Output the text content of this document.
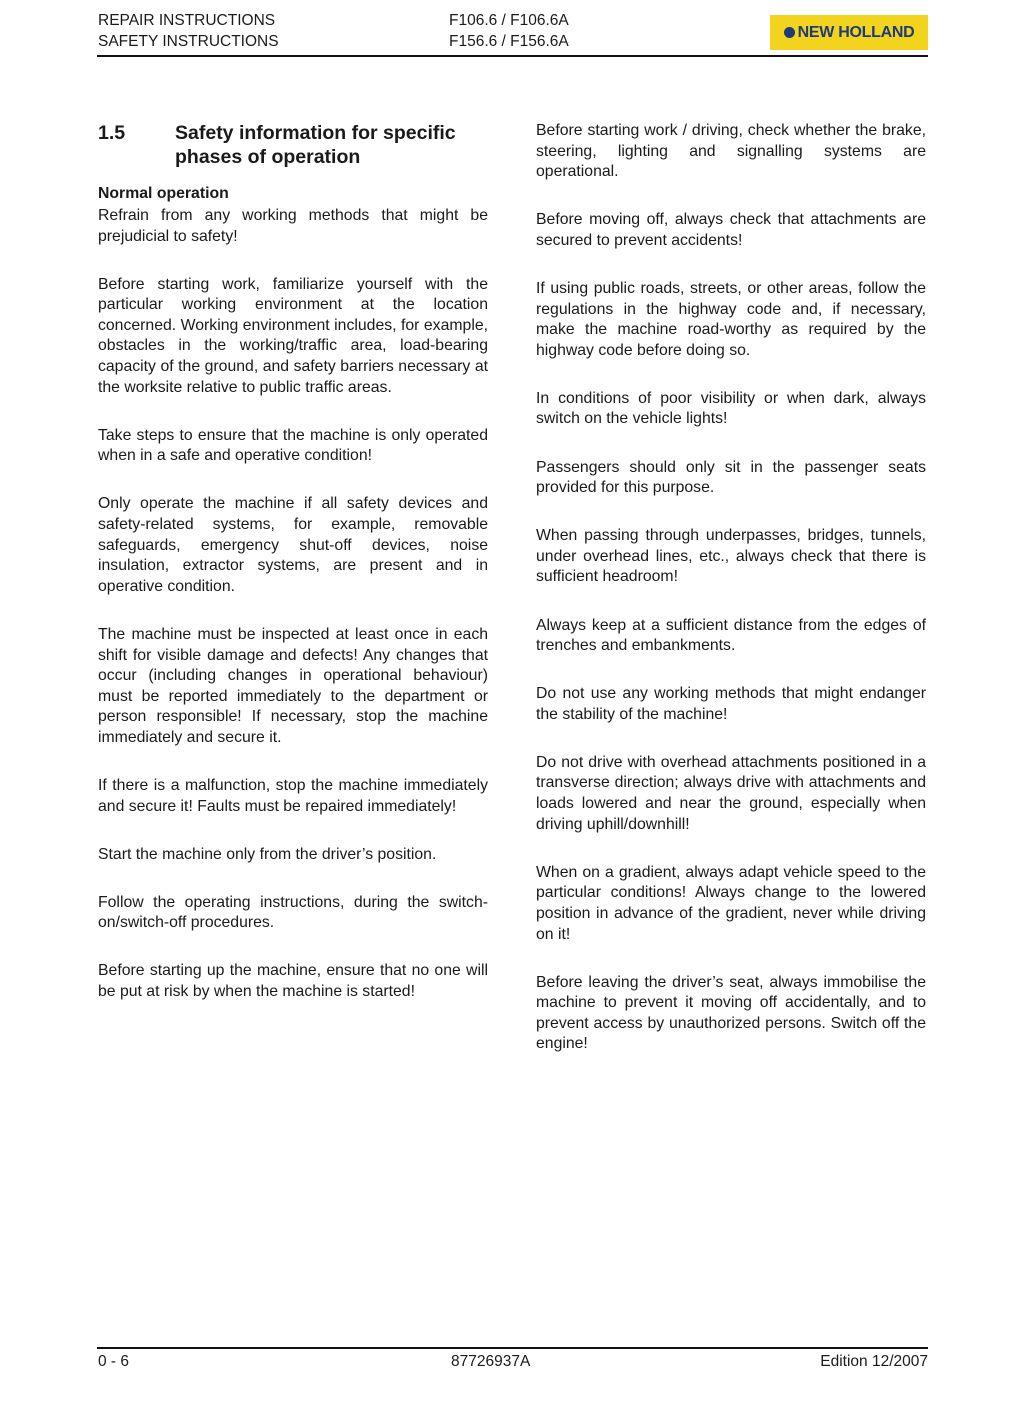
REPAIR INSTRUCTIONS
SAFETY INSTRUCTIONS
F106.6 / F106.6A
F156.6 / F156.6A
NEW HOLLAND
1.5	Safety information for specific phases of operation
Normal operation

Refrain from any working methods that might be prejudicial to safety!

Before starting work, familiarize yourself with the particular working environment at the location concerned. Working environment includes, for example, obstacles in the working/traffic area, load-bearing capacity of the ground, and safety barriers necessary at the worksite relative to public traffic areas.

Take steps to ensure that the machine is only operated when in a safe and operative condition!

Only operate the machine if all safety devices and safety-related systems, for example, removable safeguards, emergency shut-off devices, noise insulation, extractor systems, are present and in operative condition.

The machine must be inspected at least once in each shift for visible damage and defects! Any changes that occur (including changes in operational behaviour) must be reported immediately to the department or person responsible! If necessary, stop the machine immediately and secure it.

If there is a malfunction, stop the machine immediately and secure it! Faults must be repaired immediately!

Start the machine only from the driver’s position.

Follow the operating instructions, during the switch-on/switch-off procedures.

Before starting up the machine, ensure that no one will be put at risk by when the machine is started!

Before starting work / driving, check whether the brake, steering, lighting and signalling systems are operational.

Before moving off, always check that attachments are secured to prevent accidents!

If using public roads, streets, or other areas, follow the regulations in the highway code and, if necessary, make the machine road-worthy as required by the highway code before doing so.

In conditions of poor visibility or when dark, always switch on the vehicle lights!

Passengers should only sit in the passenger seats provided for this purpose.

When passing through underpasses, bridges, tunnels, under overhead lines, etc., always check that there is sufficient headroom!

Always keep at a sufficient distance from the edges of trenches and embankments.

Do not use any working methods that might endanger the stability of the machine!

Do not drive with overhead attachments positioned in a transverse direction; always drive with attachments and loads lowered and near the ground, especially when driving uphill/downhill!

When on a gradient, always adapt vehicle speed to the particular conditions! Always change to the lowered position in advance of the gradient, never while driving on it!

Before leaving the driver’s seat, always immobilise the machine to prevent it moving off accidentally, and to prevent access by unauthorized persons. Switch off the engine!

0 - 6	87726937A	Edition 12/2007
